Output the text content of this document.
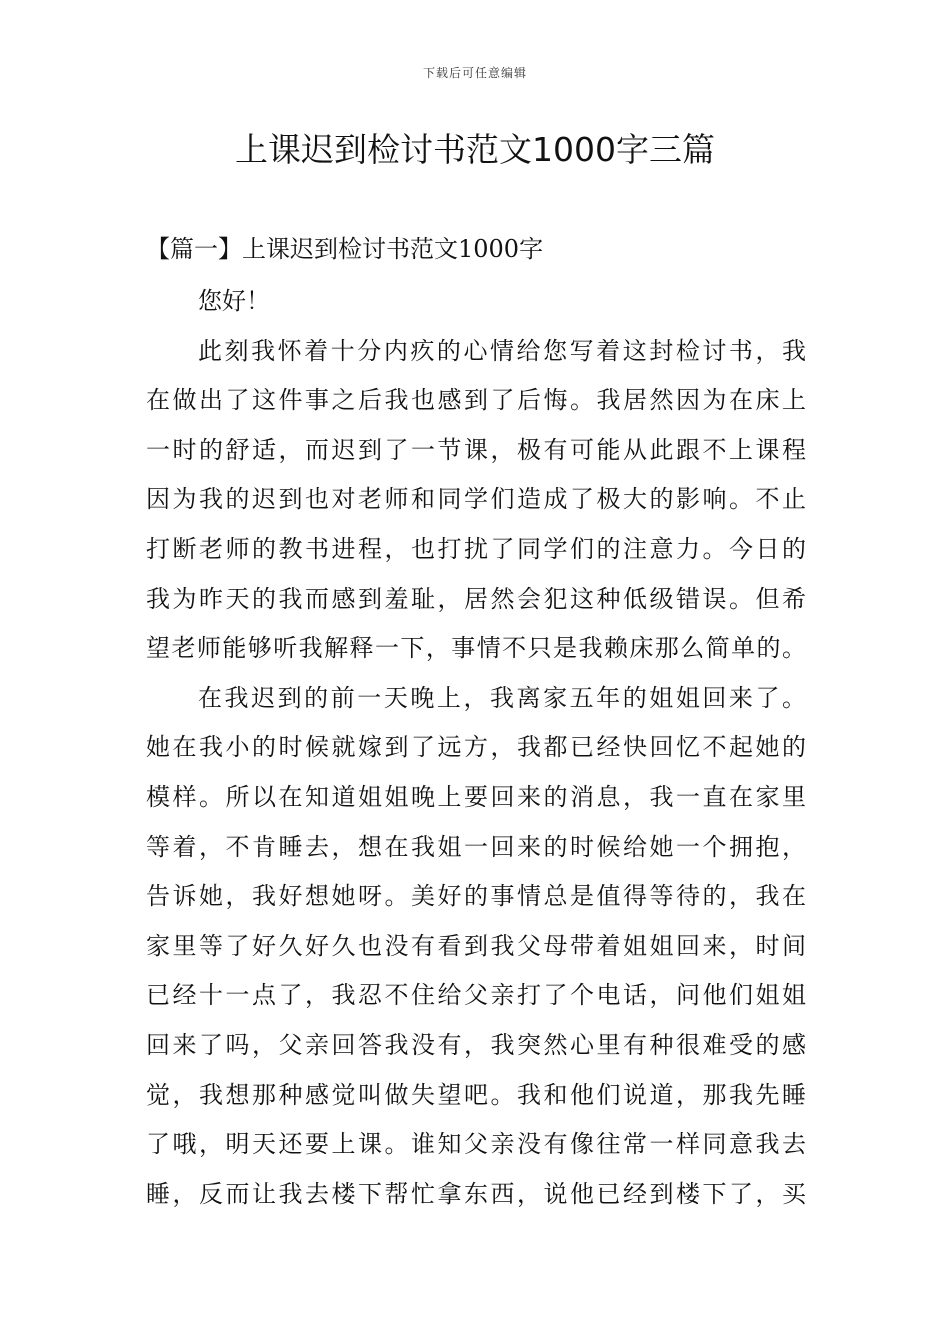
下载后可任意编辑
上课迟到检讨书范文1000字三篇
【篇一】上课迟到检讨书范文1000字
您好！
此刻我怀着十分内疚的心情给您写着这封检讨书，我
在做出了这件事之后我也感到了后悔。我居然因为在床上
一时的舒适，而迟到了一节课，极有可能从此跟不上课程
因为我的迟到也对老师和同学们造成了极大的影响。不止
打断老师的教书进程，也打扰了同学们的注意力。今日的
我为昨天的我而感到羞耻，居然会犯这种低级错误。但希
望老师能够听我解释一下，事情不只是我赖床那么简单的。
在我迟到的前一天晚上，我离家五年的姐姐回来了。
她在我小的时候就嫁到了远方，我都已经快回忆不起她的
模样。所以在知道姐姐晚上要回来的消息，我一直在家里
等着，不肯睡去，想在我姐一回来的时候给她一个拥抱，
告诉她，我好想她呀。美好的事情总是值得等待的，我在
家里等了好久好久也没有看到我父母带着姐姐回来，时间
已经十一点了，我忍不住给父亲打了个电话，问他们姐姐
回来了吗，父亲回答我没有，我突然心里有种很难受的感
觉，我想那种感觉叫做失望吧。我和他们说道，那我先睡
了哦，明天还要上课。谁知父亲没有像往常一样同意我去
睡，反而让我去楼下帮忙拿东西，说他已经到楼下了，买
